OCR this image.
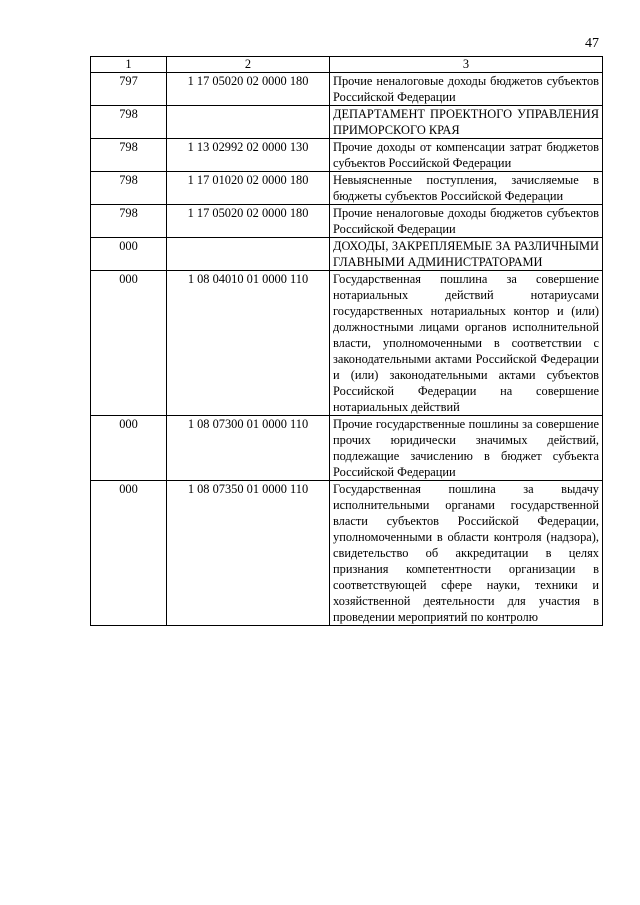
47
1	2	3
797	1 17 05020 02 0000 180	Прочие неналоговые доходы бюджетов субъектов Российской Федерации
798		ДЕПАРТАМЕНТ ПРОЕКТНОГО УПРАВЛЕНИЯ ПРИМОРСКОГО КРАЯ
798	1 13 02992 02 0000 130	Прочие доходы от компенсации затрат бюджетов субъектов Российской Федерации
798	1 17 01020 02 0000 180	Невыясненные поступления, зачисляемые в бюджеты субъектов Российской Федерации
798	1 17 05020 02 0000 180	Прочие неналоговые доходы бюджетов субъектов Российской Федерации
000		ДОХОДЫ, ЗАКРЕПЛЯЕМЫЕ ЗА РАЗЛИЧНЫМИ ГЛАВНЫМИ АДМИНИСТРАТОРАМИ
000	1 08 04010 01 0000 110	Государственная пошлина за совершение нотариальных действий нотариусами государственных нотариальных контор и (или) должностными лицами органов исполнительной власти, уполномоченными в соответствии с законодательными актами Российской Федерации и (или) законодательными актами субъектов Российской Федерации на совершение нотариальных действий
000	1 08 07300 01 0000 110	Прочие государственные пошлины за совершение прочих юридически значимых действий, подлежащие зачислению в бюджет субъекта Российской Федерации
000	1 08 07350 01 0000 110	Государственная пошлина за выдачу исполнительными органами государственной власти субъектов Российской Федерации, уполномоченными в области контроля (надзора), свидетельство об аккредитации в целях признания компетентности организации в соответствующей сфере науки, техники и хозяйственной деятельности для участия в проведении мероприятий по контролю
